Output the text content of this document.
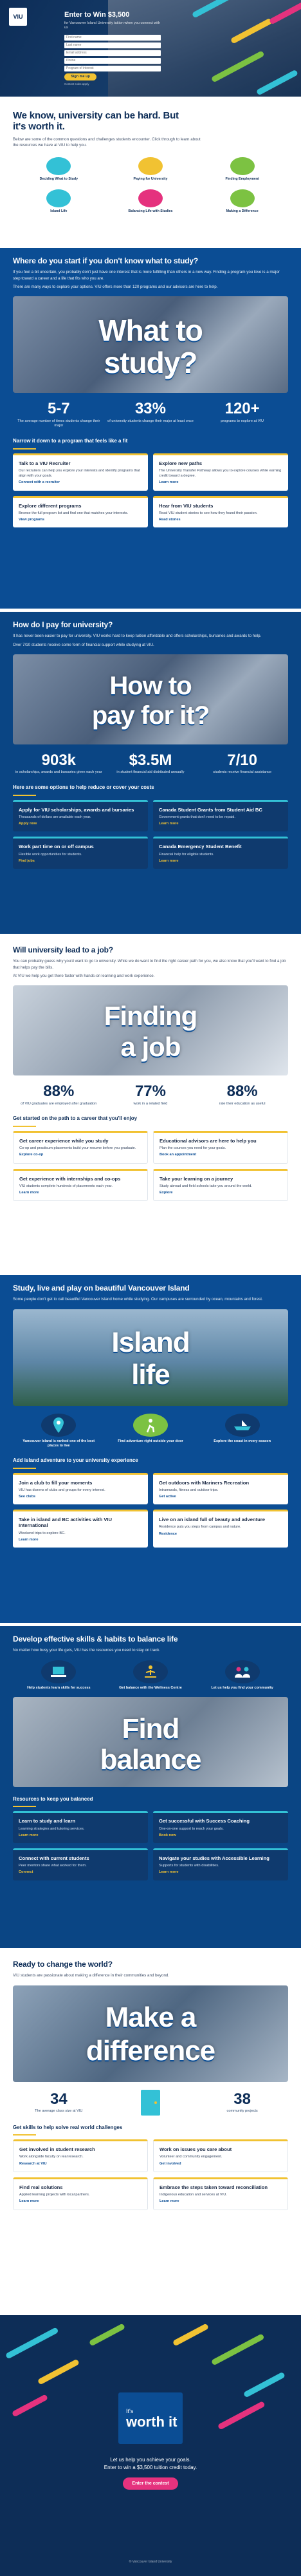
VIU	Enter to Win $3,500
for Vancouver Island University tuition when you connect with us
First name
Last name
Email address
Phone
Program of interest
Sign me up
Contest rules apply
We know, university can be hard. But it's worth it.
Below are some of the common questions and challenges students encounter. Click through to learn about the resources we have at VIU to help you.
Deciding What to Study	Paying for University	Finding Employment
Island Life	Balancing Life with Studies	Making a Difference
Where do you start if you don't know what to study?
If you feel a bit uncertain, you probably don't just have one interest that is more fulfilling than others in a new way. Finding a program you love is a major step toward a career and a life that fits who you are.
There are many ways to explore your options. VIU offers more than 120 programs and our advisors are here to help.
What to
study?
5-7
The average number of times students change their major
33%
of university students change their major at least once
120+
programs to explore at VIU
Narrow it down to a program that feels like a fit
Talk to a VIU Recruiter

Our recruiters can help you explore your interests and identify programs that align with your goals.

Connect with a recruiter
Explore new paths

The University Transfer Pathway allows you to explore courses while earning credit toward a degree.

Learn more
Explore different programs

Browse the full program list and find one that matches your interests.

View programs
Hear from VIU students

Read VIU student stories to see how they found their passion.

Read stories
How do I pay for university?
It has never been easier to pay for university. VIU works hard to keep tuition affordable and offers scholarships, bursaries and awards to help.
Over 7/10 students receive some form of financial support while studying at VIU.
How to
pay for it?
903k
in scholarships, awards and bursaries given each year
$3.5M
in student financial aid distributed annually
7/10
students receive financial assistance
Here are some options to help reduce or cover your costs
Apply for VIU scholarships, awards and bursaries

Thousands of dollars are available each year.

Apply now
Canada Student Grants from Student Aid BC

Government grants that don't need to be repaid.

Learn more
Work part time on or off campus

Flexible work opportunities for students.

Find jobs
Canada Emergency Student Benefit

Financial help for eligible students.

Learn more
Will university lead to a job?
You can probably guess why you'd want to go to university. While we do want to find the right career path for you, we also know that you'll want to find a job that helps pay the bills.
At VIU we help you get there faster with hands-on learning and work experience.
Finding
a job
88%
of VIU graduates are employed after graduation
77%
work in a related field
88%
rate their education as useful
Get started on the path to a career that you'll enjoy
Get career experience while you study

Co-op and practicum placements build your resume before you graduate.

Explore co-op
Educational advisors are here to help you

Plan the courses you need for your goals.

Book an appointment
Get experience with internships and co-ops

VIU students complete hundreds of placements each year.

Learn more
Take your learning on a journey

Study abroad and field schools take you around the world.

Explore
Study, live and play on beautiful Vancouver Island
Some people don't get to call beautiful Vancouver Island home while studying. Our campuses are surrounded by ocean, mountains and forest.
Island
life
Vancouver Island is ranked one of the best places to live
Find adventure right outside your door	Explore the coast in every season
Add island adventure to your university experience
Join a club to fill your moments

VIU has dozens of clubs and groups for every interest.

See clubs
Get outdoors with Mariners Recreation

Intramurals, fitness and outdoor trips.

Get active
Take in island and BC activities with VIU International

Weekend trips to explore BC.

Learn more
Live on an island full of beauty and adventure

Residence puts you steps from campus and nature.

Residence
Develop effective skills & habits to balance life
No matter how busy your life gets, VIU has the resources you need to stay on track.
Help students learn skills for success	Get balance with the Wellness Centre	Let us help you find your community
Find
balance
Resources to keep you balanced
Learn to study and learn

Learning strategies and tutoring services.

Learn more
Get successful with Success Coaching

One-on-one support to reach your goals.

Book now
Connect with current students

Peer mentors share what worked for them.

Connect
Navigate your studies with Accessible Learning

Supports for students with disabilities.

Learn more
Ready to change the world?
VIU students are passionate about making a difference in their communities and beyond.
Make a
difference
34
The average class size at VIU
38
community projects
Get skills to help solve real world challenges
Get involved in student research

Work alongside faculty on real research.

Research at VIU
Work on issues you care about

Volunteer and community engagement.

Get involved
Find real solutions

Applied learning projects with local partners.

Learn more
Embrace the steps taken toward reconciliation

Indigenous education and services at VIU.

Learn more
It's
worth it
Let us help you achieve your goals.
Enter to win a $3,500 tuition credit today.
Enter the contest
© Vancouver Island University
